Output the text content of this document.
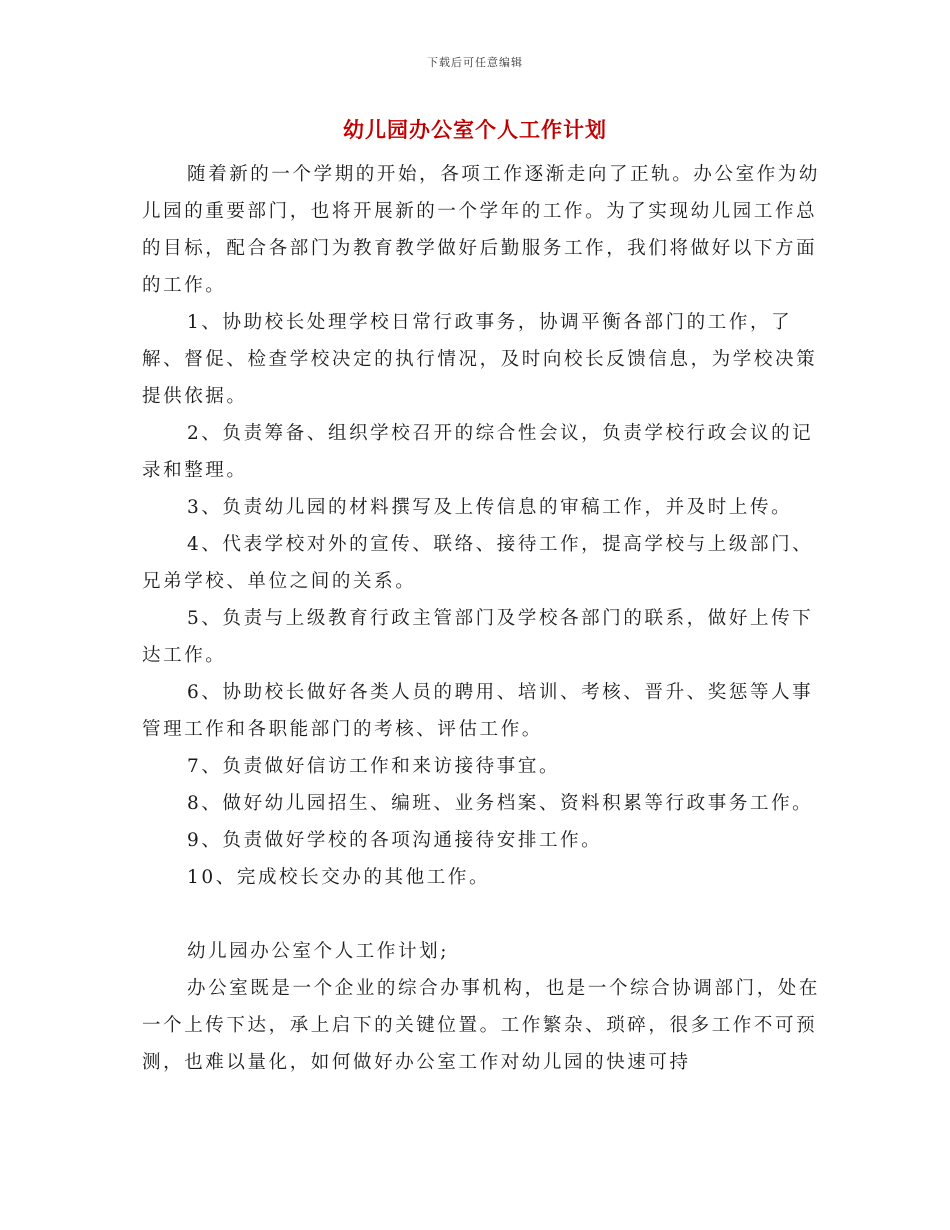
下载后可任意编辑
幼儿园办公室个人工作计划

随着新的一个学期的开始，各项工作逐渐走向了正轨。办公室作为幼儿园的重要部门，也将开展新的一个学年的工作。为了实现幼儿园工作总的目标，配合各部门为教育教学做好后勤服务工作，我们将做好以下方面的工作。

1、协助校长处理学校日常行政事务，协调平衡各部门的工作，了解、督促、检查学校决定的执行情况，及时向校长反馈信息，为学校决策提供依据。

2、负责筹备、组织学校召开的综合性会议，负责学校行政会议的记录和整理。

3、负责幼儿园的材料撰写及上传信息的审稿工作，并及时上传。

4、代表学校对外的宣传、联络、接待工作，提高学校与上级部门、兄弟学校、单位之间的关系。

5、负责与上级教育行政主管部门及学校各部门的联系，做好上传下达工作。

6、协助校长做好各类人员的聘用、培训、考核、晋升、奖惩等人事管理工作和各职能部门的考核、评估工作。

7、负责做好信访工作和来访接待事宜。

8、做好幼儿园招生、编班、业务档案、资料积累等行政事务工作。

9、负责做好学校的各项沟通接待安排工作。

10、完成校长交办的其他工作。

幼儿园办公室个人工作计划;

办公室既是一个企业的综合办事机构，也是一个综合协调部门，处在一个上传下达，承上启下的关键位置。工作繁杂、琐碎，很多工作不可预测，也难以量化，如何做好办公室工作对幼儿园的快速可持
